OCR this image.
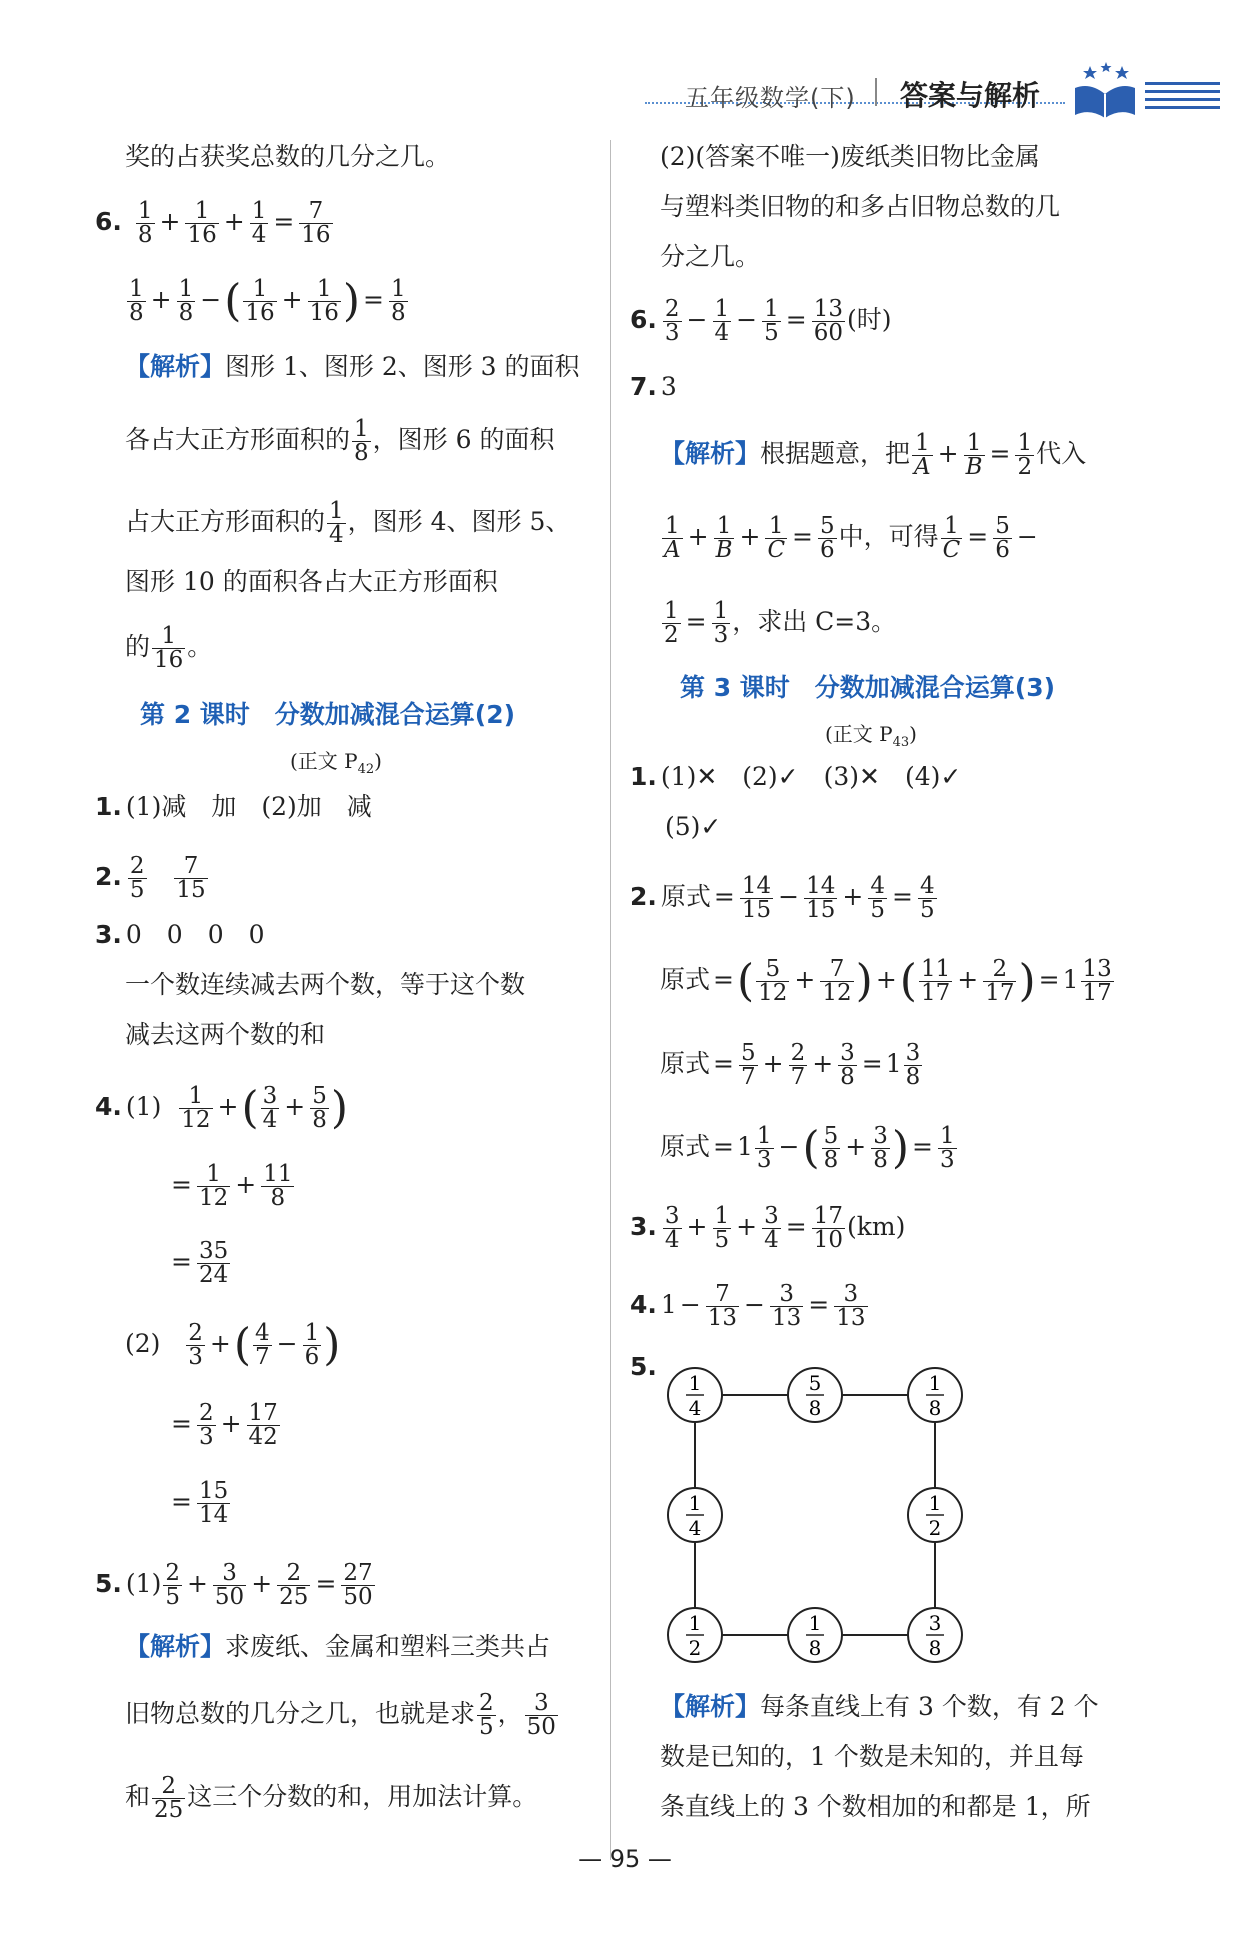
五年级数学(下) 答案与解析
奖的占获奖总数的几分之几。
6. $\frac{1}{8} + \frac{1}{16} + \frac{1}{4} = \frac{7}{16}$
$\frac{1}{8} + \frac{1}{8}$ −( $\frac{1}{16} + \frac{1}{16}$ ) = $\frac{1}{8}$
【解析】图形 1、图形 2、图形 3 的面积
各占大正方形面积的 $\frac{1}{8}$ ，图形 6 的面积
占大正方形面积的 $\frac{1}{4}$ ，图形 4、图形 5、
图形 10 的面积各占大正方形面积
的 $\frac{1}{16}$ 。
第 2 课时　分数加减混合运算(2)
(正文 $P_{42}$)
1. (1)减　加　(2)加　减
2. $\frac{2}{5}$
$\frac{7}{15}$
3. 0　0　0　0
一个数连续减去两个数，等于这个数
减去这两个数的和
4. $(1) \frac{1}{12}$ +( $\frac{3}{4} + \frac{5}{8}$ )
= $\frac{1}{12} + \frac{11}{8}$
= $\frac{35}{24}$
$(2) \frac{2}{3}$ +( $\frac{4}{7} - \frac{1}{6}$ )
= $\frac{2}{3} + \frac{17}{42}$
= $\frac{15}{14}$
5. $(1) \frac{2}{5} + \frac{3}{50} + \frac{2}{25} = \frac{27}{50}$
【解析】求废纸、金属和塑料三类共占
旧物总数的几分之几，也就是求 $\frac{2}{5}$ ， $\frac{3}{50}$
和 $\frac{2}{25}$ 这三个分数的和，用加法计算。
(2)(答案不唯一)废纸类旧物比金属
与塑料类旧物的和多占旧物总数的几
分之几。
6. $\frac{2}{3} - \frac{1}{4} - \frac{1}{5} = \frac{13}{60}$ (时)
7. 3
【解析】根据题意，把 $\frac{1}{A} + \frac{1}{B} = \frac{1}{2}$ 代入
$\frac{1}{A} + \frac{1}{B} + \frac{1}{C} = \frac{5}{6}$ 中，可得 $\frac{1}{C} = \frac{5}{6}$ −
$\frac{1}{2} = \frac{1}{3}$ ，求出 C=3。
第 3 课时　分数加减混合运算(3)
(正文 $P_{43}$)
1. (1)✕　(2)✓　(3)✕　(4)✓
(5)✓
2. 原式 = $\frac{14}{15} - \frac{14}{15} + \frac{4}{5} = \frac{4}{5}$
原式 =( $\frac{5}{12} + \frac{7}{12}$ ) +( $\frac{11}{17} + \frac{2}{17}$ ) = $1 \frac{13}{17}$
原式 = $\frac{5}{7} + \frac{2}{7} + \frac{3}{8} = 1 \frac{3}{8}$
原式 = $1 \frac{1}{3}$ −( $\frac{5}{8} + \frac{3}{8}$ ) = $\frac{1}{3}$
3. $\frac{3}{4} + \frac{1}{5} + \frac{3}{4} = \frac{17}{10} (km)$
4. $1 - \frac{7}{13} - \frac{3}{13} = \frac{3}{13}$
5.
1
4
5
8
1
8
1
4
1
2
1
2
1
8
3
8
【解析】每条直线上有 3 个数，有 2 个
数是已知的，1 个数是未知的，并且每
条直线上的 3 个数相加的和都是 1，所
— 95 —
